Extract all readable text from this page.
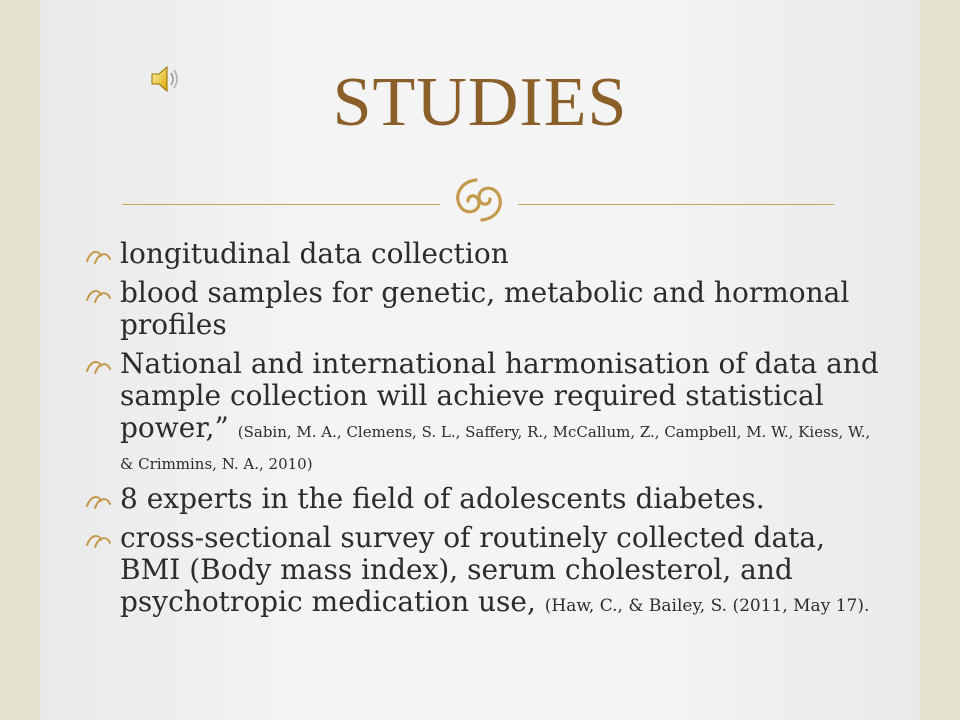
STUDIES
longitudinal data collection
blood samples for genetic, metabolic and hormonal profiles
National and international harmonisation of data and sample collection will achieve required statistical power,” (Sabin, M. A., Clemens, S. L., Saffery, R., McCallum, Z., Campbell, M. W., Kiess, W., & Crimmins, N. A., 2010)
8 experts in the field of adolescents diabetes.
cross-sectional survey of routinely collected data, BMI (Body mass index), serum cholesterol, and psychotropic medication use, (Haw, C., & Bailey, S. (2011, May 17).
